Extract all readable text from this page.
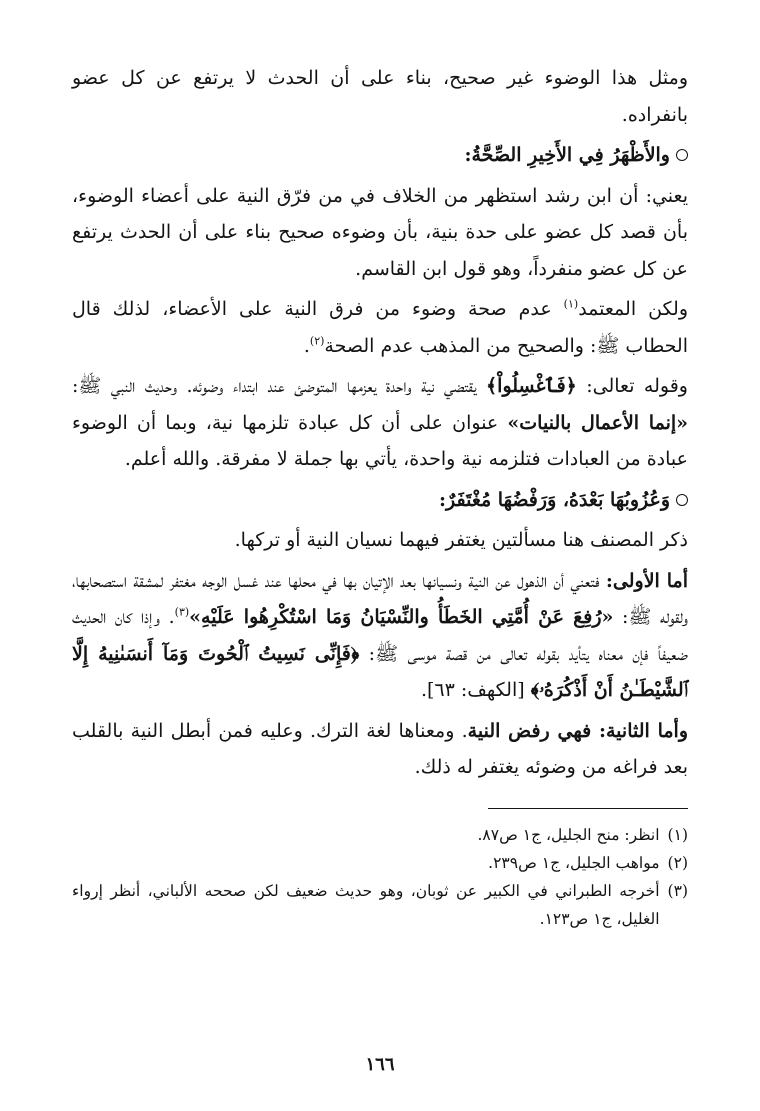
ومثل هذا الوضوء غير صحيح، بناء على أن الحدث لا يرتفع عن كل عضو بانفراده.

والأَظْهَرُ فِي الأَخِيرِ الصِّحَّةُ:

يعني: أن ابن رشد استظهر من الخلاف في من فرّق النية على أعضاء الوضوء، بأن قصد كل عضو على حدة بنية، بأن وضوءه صحيح بناء على أن الحدث يرتفع عن كل عضو منفرداً، وهو قول ابن القاسم.

ولكن المعتمد$^{(١)}$ عدم صحة وضوء من فرق النية على الأعضاء، لذلك قال الحطاب ﷺ: والصحيح من المذهب عدم الصحة$^{(٢)}$.

وقوله تعالى: ﴿فَٱغْسِلُواْ﴾ يقتضي نية واحدة يعزمها المتوضئ عند ابتداء وضوئه. وحديث النبي ﷺ: «إنما الأعمال بالنيات» عنوان على أن كل عبادة تلزمها نية، وبما أن الوضوء عبادة من العبادات فتلزمه نية واحدة، يأتي بها جملة لا مفرقة. والله أعلم.

وَعُزُوبُهَا بَعْدَهُ، وَرَفْضُهَا مُغْتَفَرٌ:

ذكر المصنف هنا مسألتين يغتفر فيهما نسيان النية أو تركها.

أما الأولى: فتعني أن الذهول عن النية ونسيانها بعد الإتيان بها في محلها عند غسل الوجه مغتفر لمشقة استصحابها، ولقوله ﷺ: «رُفِعَ عَنْ أُمَّتِي الخَطَأُ والنِّسْيَانُ وَمَا اسْتُكْرِهُوا عَلَيْهِ»$^{(٣)}$. وإذا كان الحديث ضعيفاً فإن معناه يتأيد بقوله تعالى من قصة موسى ﷺ: ﴿فَإِنِّى نَسِيتُ ٱلْحُوتَ وَمَآ أَنسَىٰنِيهُ إِلَّا ٱلشَّيْطَـٰنُ أَنْ أَذْكُرَهُۥ﴾ [الكهف: ٦٣].

وأما الثانية: فهي رفض النية. ومعناها لغة الترك. وعليه فمن أبطل النية بالقلب بعد فراغه من وضوئه يغتفر له ذلك.

(١)
انظر: منح الجليل، ج١ ص٨٧.

(٢)
مواهب الجليل، ج١ ص٢٣٩.

(٣)
أخرجه الطبراني في الكبير عن ثوبان، وهو حديث ضعيف لكن صححه الألباني، أنظر إرواء الغليل، ج١ ص١٢٣.

١٦٦
